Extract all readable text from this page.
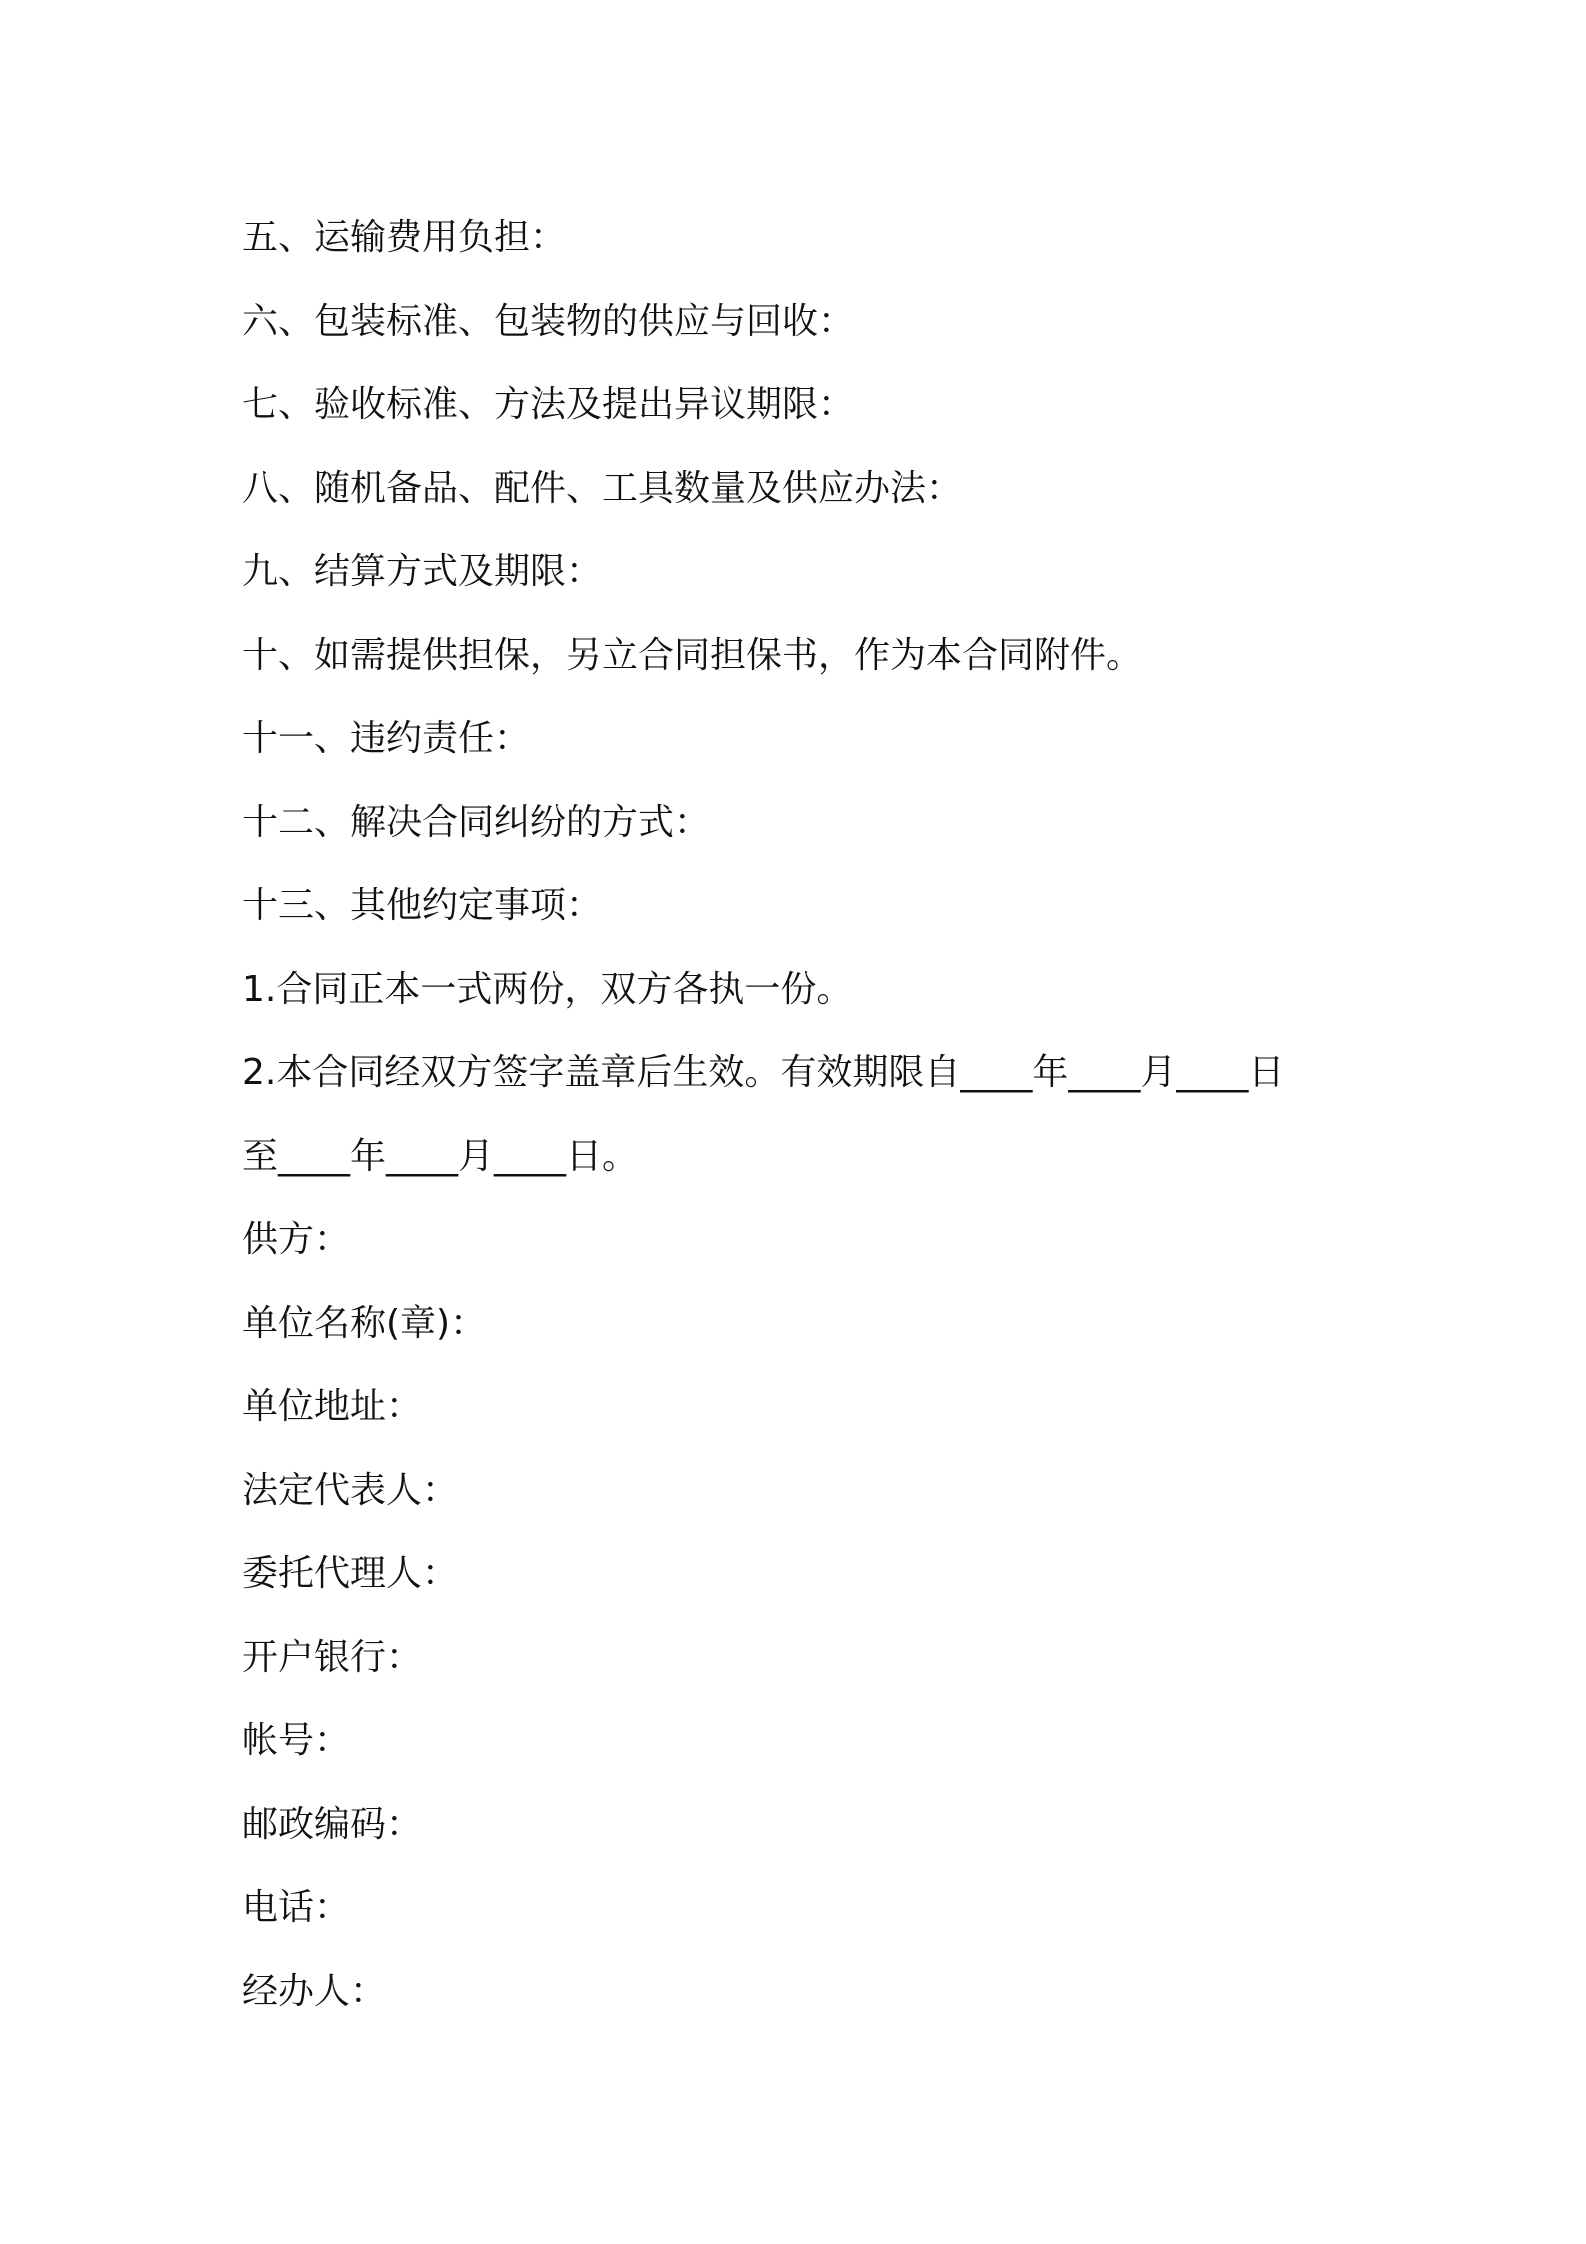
五、运输费用负担：
六、包装标准、包装物的供应与回收：
七、验收标准、方法及提出异议期限：
八、随机备品、配件、工具数量及供应办法：
九、结算方式及期限：
十、如需提供担保，另立合同担保书，作为本合同附件。
十一、违约责任：
十二、解决合同纠纷的方式：
十三、其他约定事项：
1.合同正本一式两份，双方各执一份。
2.本合同经双方签字盖章后生效。有效期限自____年____月____日
至____年____月____日。
供方：
单位名称(章)：
单位地址：
法定代表人：
委托代理人：
开户银行：
帐号：
邮政编码：
电话：
经办人：
